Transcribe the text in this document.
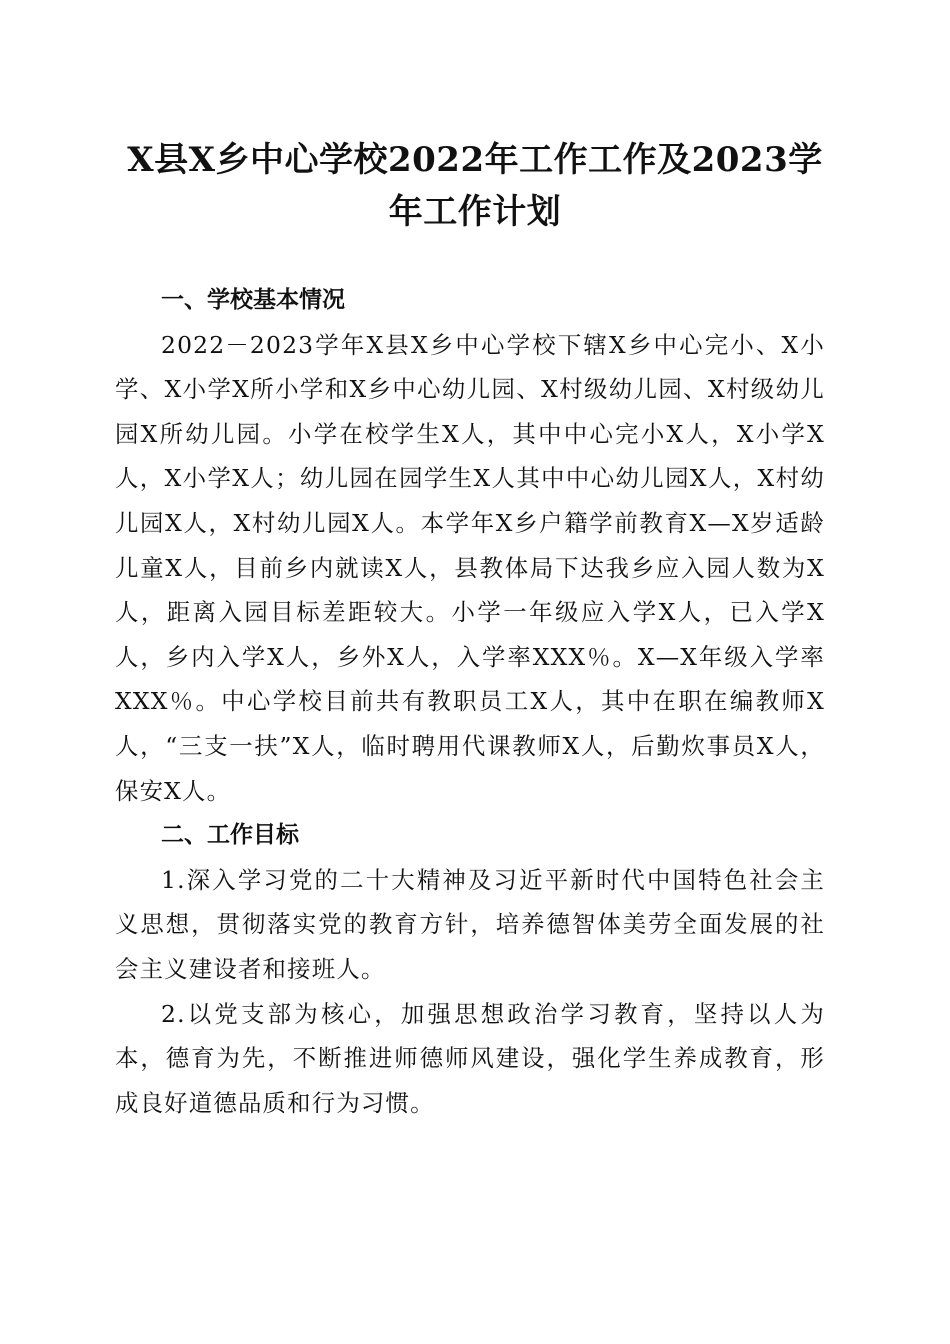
X县X乡中心学校2022年工作工作及2023学年工作计划
一、学校基本情况

2022－2023学年X县X乡中心学校下辖X乡中心完小、X小学、X小学X所小学和X乡中心幼儿园、X村级幼儿园、X村级幼儿园X所幼儿园。小学在校学生X人，其中中心完小X人，X小学X人，X小学X人；幼儿园在园学生X人其中中心幼儿园X人，X村幼儿园X人，X村幼儿园X人。本学年X乡户籍学前教育X—X岁适龄儿童X人，目前乡内就读X人，县教体局下达我乡应入园人数为X人，距离入园目标差距较大。小学一年级应入学X人，已入学X人，乡内入学X人，乡外X人，入学率XXX％。X—X年级入学率XXX％。中心学校目前共有教职员工X人，其中在职在编教师X人，“三支一扶”X人，临时聘用代课教师X人，后勤炊事员X人，保安X人。

二、工作目标

1.深入学习党的二十大精神及习近平新时代中国特色社会主义思想，贯彻落实党的教育方针，培养德智体美劳全面发展的社会主义建设者和接班人。

2.以党支部为核心，加强思想政治学习教育，坚持以人为本，德育为先，不断推进师德师风建设，强化学生养成教育，形成良好道德品质和行为习惯。
